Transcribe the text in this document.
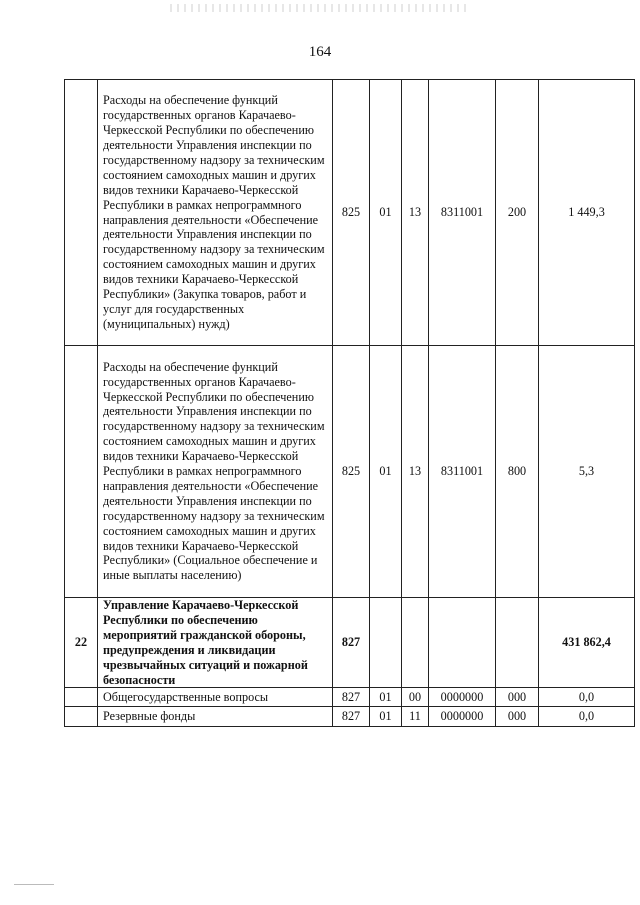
164
	Расходы на обеспечение функций государственных органов Карачаево-Черкесской Республики по обеспечению деятельности Управления инспекции по государственному надзору за техническим состоянием самоходных машин и других видов техники Карачаево-Черкесской Республики в рамках непрограммного направления деятельности «Обеспечение деятельности Управления инспекции по государственному надзору за техническим состоянием самоходных машин и других видов техники Карачаево-Черкесской Республики» (Закупка товаров, работ и услуг для государственных (муниципальных) нужд)	825	01	13	8311001	200	1 449,3
	Расходы на обеспечение функций государственных органов Карачаево-Черкесской Республики по обеспечению деятельности Управления инспекции по государственному надзору за техническим состоянием самоходных машин и других видов техники Карачаево-Черкесской Республики в рамках непрограммного направления деятельности «Обеспечение деятельности Управления инспекции по государственному надзору за техническим состоянием самоходных машин и других видов техники Карачаево-Черкесской Республики» (Социальное обеспечение и иные выплаты населению)	825	01	13	8311001	800	5,3
22	Управление Карачаево-Черкесской Республики по обеспечению мероприятий гражданской обороны, предупреждения и ликвидации чрезвычайных ситуаций и пожарной безопасности	827					431 862,4
	Общегосударственные вопросы	827	01	00	0000000	000	0,0
	Резервные фонды	827	01	11	0000000	000	0,0
